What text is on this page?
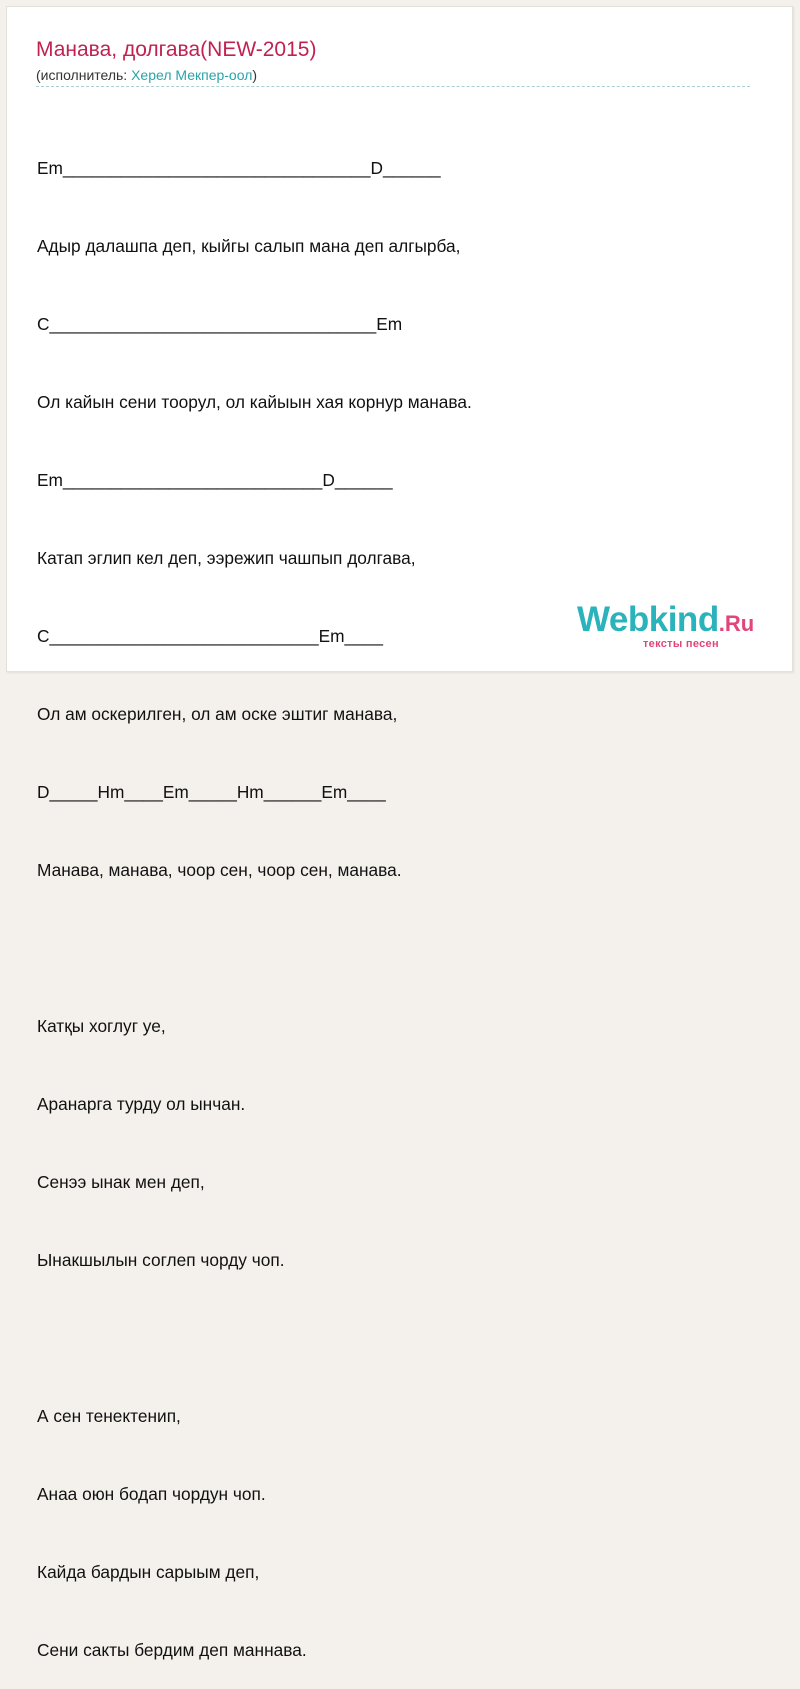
Манава, долгава(NEW-2015)
(исполнитель: Херел Мекпер-оол)

Em________________________________D______

Адыр далашпа деп, кыйгы салып мана деп алгырба,

C__________________________________Em

Ол кайын сени тоорул, ол кайыын хая корнур манава.

Em___________________________D______

Катап эглип кел деп, ээрежип чашпып долгава,

C____________________________Em____

Ол ам оскерилген, ол ам оске эштиг манава,

D_____Hm____Em_____Hm______Em____

Манава, манава, чоор сен, чоор сен, манава.

Катқы хоглуг уе,

Аранарга турду ол ынчан.

Сенээ ынак мен деп,

Ынакшылын соглеп чорду чоп.

А сен тенектенип,

Анаа оюн бодап чордун чоп.

Кайда бардын сарыым деп,

Сени сакты бердим деп маннава.

Webkind.Ru
тексты песен
